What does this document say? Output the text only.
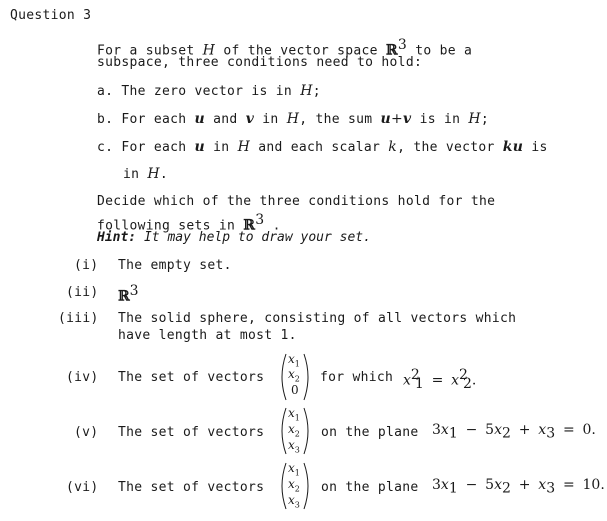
Question 3
For a subset H of the vector space ℝ$^3$ to be a
subspace, three conditions need to hold:
a. The zero vector is in H;
b. For each u and v in H, the sum u+v is in H;
c. For each u in H and each scalar k, the vector ku is
in H.
Decide which of the three conditions hold for the
following sets in ℝ$^3$ .
Hint: It may help to draw your set.
(i) The empty set.
(ii) ℝ$^3$
(iii) The solid sphere, consisting of all vectors which
have length at most 1.
(iv) The set of vectors
$x_1$
$x_2$
0
for which $x^2_1 = x^2_2$.
(v) The set of vectors
$x_1$
$x_2$
$x_3$
on the plane $3x_1 - 5x_2 + x_3 = 0$.
(vi) The set of vectors
$x_1$
$x_2$
$x_3$
on the plane $3x_1 - 5x_2 + x_3 = 10$.
